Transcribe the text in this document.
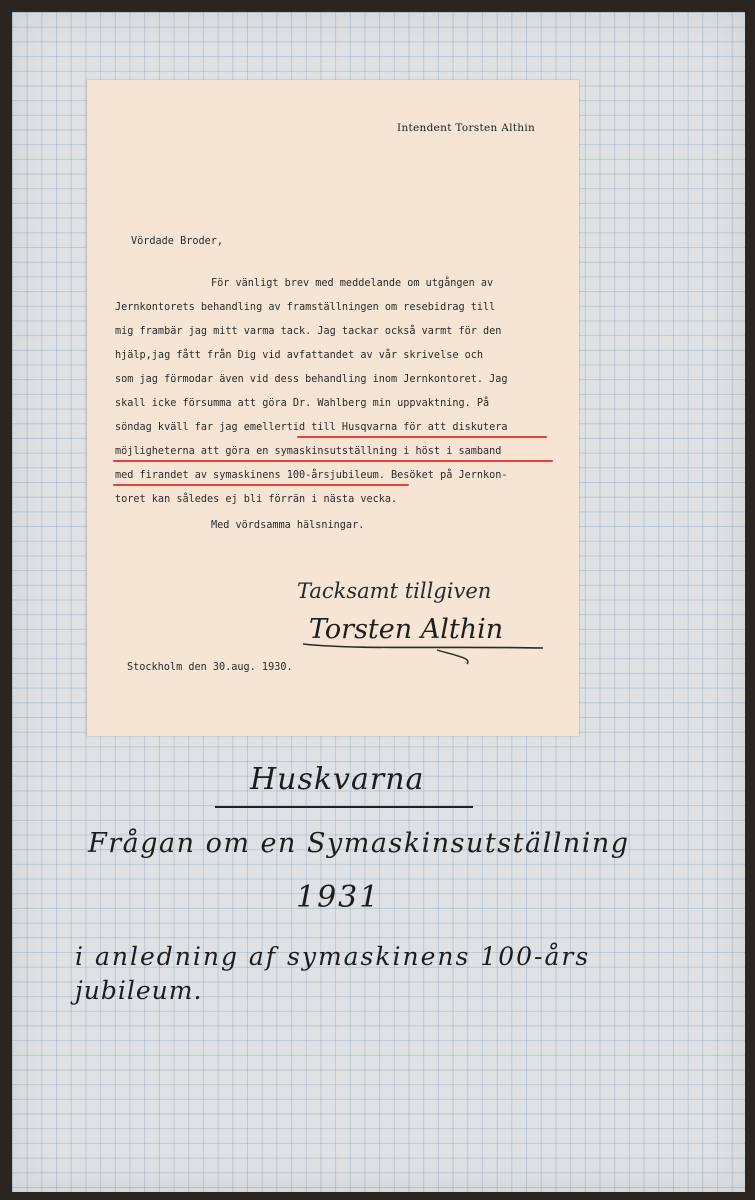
Intendent Torsten Althin
Vördade Broder,
För vänligt brev med meddelande om utgången av
Jernkontorets behandling av framställningen om resebidrag till
mig frambär jag mitt varma tack. Jag tackar också varmt för den
hjälp,jag fått från Dig vid avfattandet av vår skrivelse och
som jag förmodar även vid dess behandling inom Jernkontoret. Jag
skall icke försumma att göra Dr. Wahlberg min uppvaktning. På
söndag kväll far jag emellertid till Husqvarna för att diskutera
möjligheterna att göra en symaskinsutställning i höst i samband
med firandet av symaskinens 100-årsjubileum. Besöket på Jernkon-
toret kan således ej bli förrän i nästa vecka.
Med vördsamma hälsningar.
Stockholm den 30.aug. 1930.
Tacksamt tillgiven
Torsten Althin
Huskvarna
Frågan om en Symaskinsutställning
1931
i anledning af symaskinens 100-års
jubileum.
